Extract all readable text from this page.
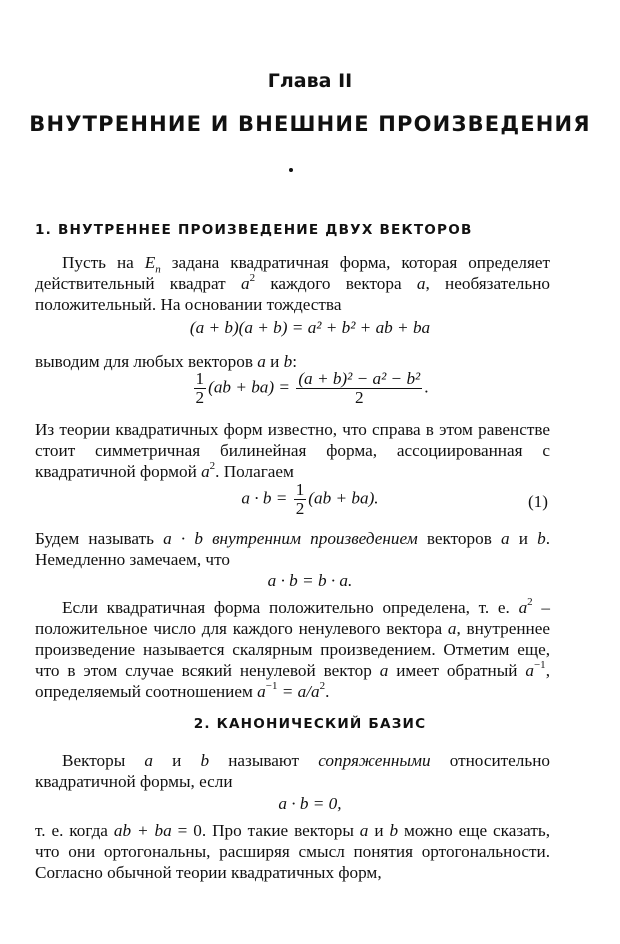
Глава II
ВНУТРЕННИЕ И ВНЕШНИЕ ПРОИЗВЕДЕНИЯ
1. ВНУТРЕННЕЕ ПРОИЗВЕДЕНИЕ ДВУХ ВЕКТОРОВ
Пусть на $E_n$ задана квадратичная форма, которая определяет действительный квадрат $a^2$ каждого вектора a, необязательно положительный. На основании тождества
(a + b)(a + b) = a² + b² + ab + ba
выводим для любых векторов a и b:
$\frac{1}{2} (ab + ba) = \frac{\text{(a + b)² − a² − b²}}{2}$ .
Из теории квадратичных форм известно, что справа в этом равенстве стоит симметричная билинейная форма, ассоциированная с квадратичной формой $a^2$. Полагаем
$a \cdot b = \frac{1}{2} (ab + ba)$.	(1)
Будем называть a · b внутренним произведением векторов a и b. Немедленно замечаем, что
a · b = b · a.
Если квадратичная форма положительно определена, т. е. $a^2$ – положительное число для каждого ненулевого вектора a, внутреннее произведение называется скалярным произведением. Отметим еще, что в этом случае всякий ненулевой вектор a имеет обратный $a^{-1}$, определяемый соотношением $a^{-1} = a/a^2$.
2. КАНОНИЧЕСКИЙ БАЗИС
Векторы a и b называют сопряженными относительно квадратичной формы, если
a · b = 0,
т. е. когда ab + ba = 0. Про такие векторы a и b можно еще сказать, что они ортогональны, расширяя смысл понятия ортогональности. Согласно обычной теории квадратичных форм,
